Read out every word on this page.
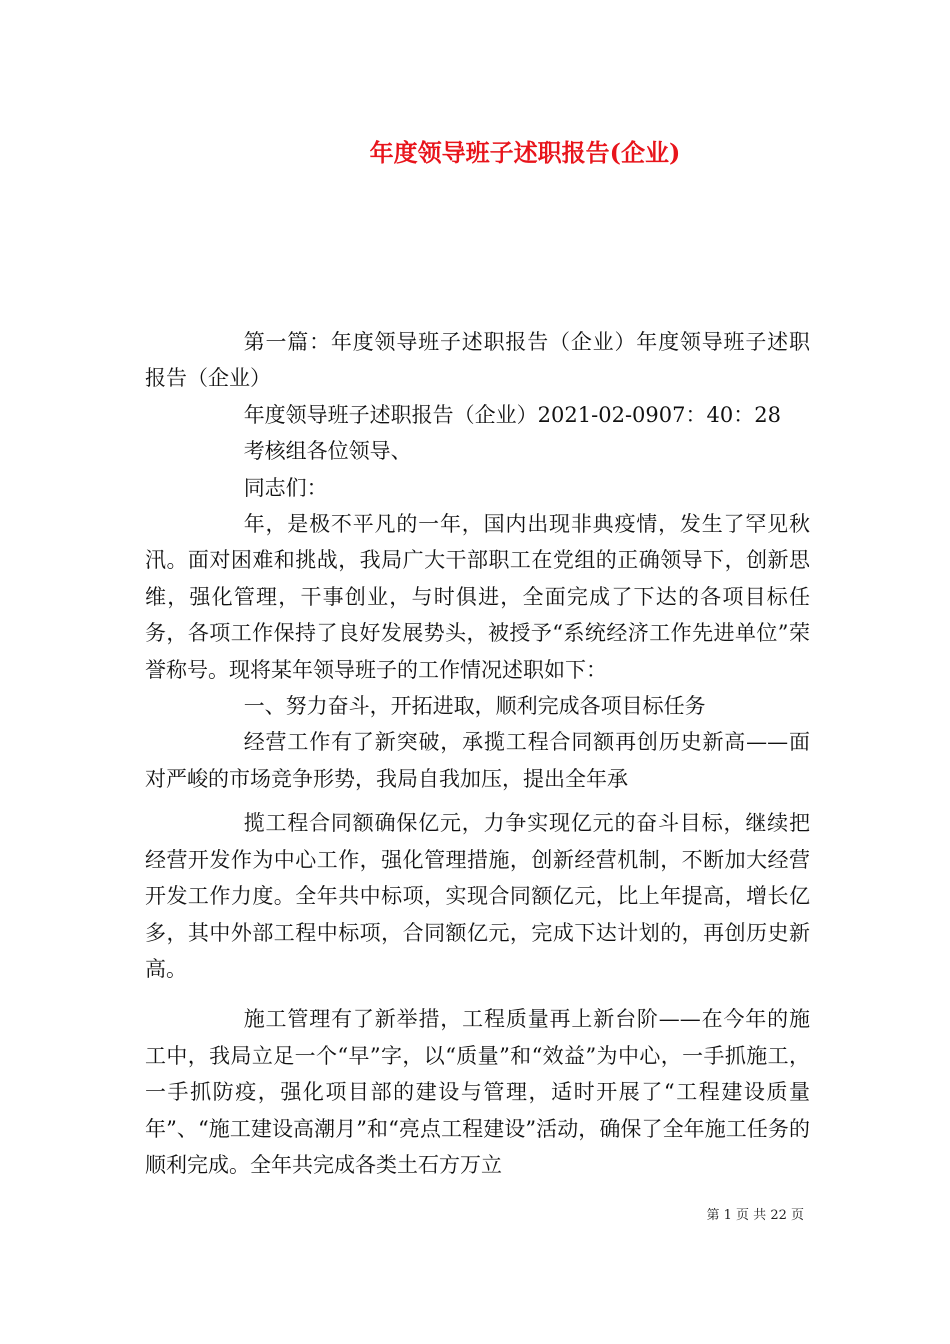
年度领导班子述职报告(企业)

第一篇：年度领导班子述职报告（企业）年度领导班子述职报告（企业）

年度领导班子述职报告（企业）2021-02-0907：40：28

考核组各位领导、

同志们：

年，是极不平凡的一年，国内出现非典疫情，发生了罕见秋汛。面对困难和挑战，我局广大干部职工在党组的正确领导下，创新思维，强化管理，干事创业，与时俱进，全面完成了下达的各项目标任务，各项工作保持了良好发展势头，被授予“系统经济工作先进单位”荣誉称号。现将某年领导班子的工作情况述职如下：

一、努力奋斗，开拓进取，顺利完成各项目标任务

经营工作有了新突破，承揽工程合同额再创历史新高——面对严峻的市场竞争形势，我局自我加压，提出全年承

揽工程合同额确保亿元，力争实现亿元的奋斗目标，继续把经营开发作为中心工作，强化管理措施，创新经营机制，不断加大经营开发工作力度。全年共中标项，实现合同额亿元，比上年提高，增长亿多，其中外部工程中标项，合同额亿元，完成下达计划的，再创历史新高。

施工管理有了新举措，工程质量再上新台阶——在今年的施工中，我局立足一个“早”字，以“质量”和“效益”为中心，一手抓施工，一手抓防疫，强化项目部的建设与管理，适时开展了“工程建设质量年”、“施工建设高潮月”和“亮点工程建设”活动，确保了全年施工任务的顺利完成。全年共完成各类土石方万立

第 1 页 共 22 页
